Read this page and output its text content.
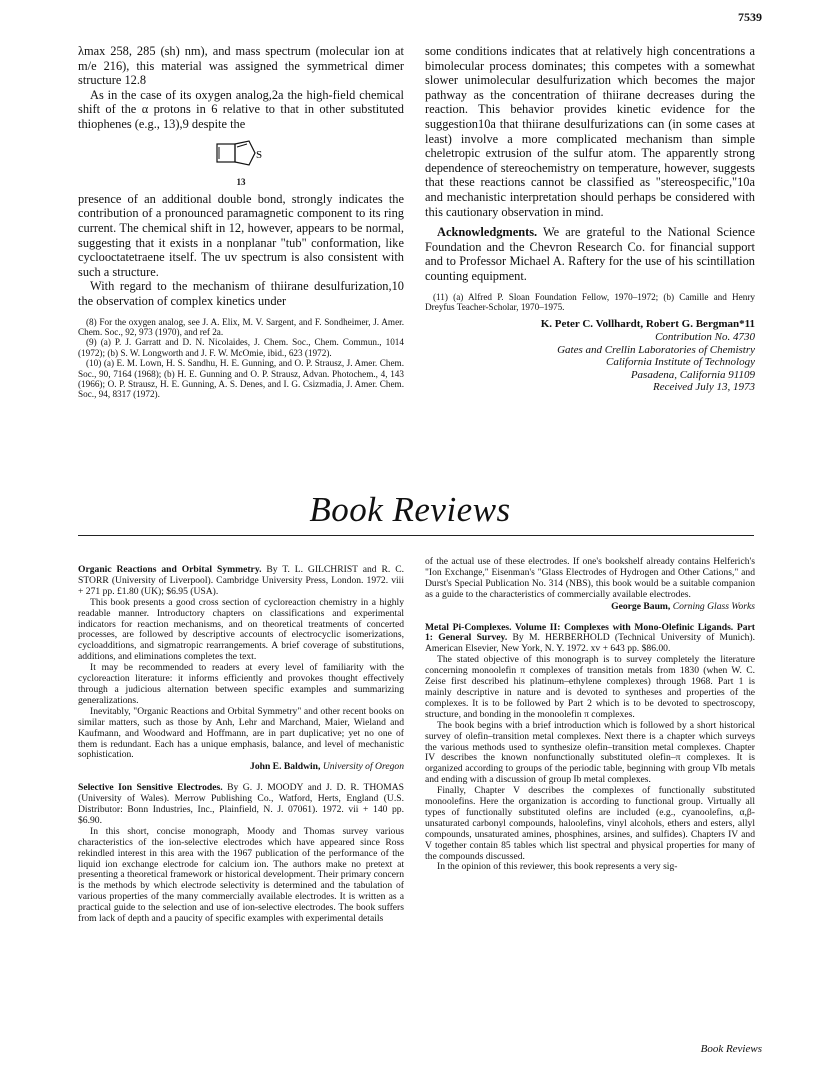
7539

λmax 258, 285 (sh) nm), and mass spectrum (molecular ion at m/e 216), this material was assigned the symmetrical dimer structure 12.8

As in the case of its oxygen analog,2a the high-field chemical shift of the α protons in 6 relative to that in other substituted thiophenes (e.g., 13),9 despite the

S
13

presence of an additional double bond, strongly indicates the contribution of a pronounced paramagnetic component to its ring current. The chemical shift in 12, however, appears to be normal, suggesting that it exists in a nonplanar "tub" conformation, like cyclooctatetraene itself. The uv spectrum is also consistent with such a structure.

With regard to the mechanism of thiirane desulfurization,10 the observation of complex kinetics under

(8) For the oxygen analog, see J. A. Elix, M. V. Sargent, and F. Sondheimer, J. Amer. Chem. Soc., 92, 973 (1970), and ref 2a.

(9) (a) P. J. Garratt and D. N. Nicolaides, J. Chem. Soc., Chem. Commun., 1014 (1972); (b) S. W. Longworth and J. F. W. McOmie, ibid., 623 (1972).

(10) (a) E. M. Lown, H. S. Sandhu, H. E. Gunning, and O. P. Strausz, J. Amer. Chem. Soc., 90, 7164 (1968); (b) H. E. Gunning and O. P. Strausz, Advan. Photochem., 4, 143 (1966); O. P. Strausz, H. E. Gunning, A. S. Denes, and I. G. Csizmadia, J. Amer. Chem. Soc., 94, 8317 (1972).

some conditions indicates that at relatively high concentrations a bimolecular process dominates; this competes with a somewhat slower unimolecular desulfurization which becomes the major pathway as the concentration of thiirane decreases during the reaction. This behavior provides kinetic evidence for the suggestion10a that thiirane desulfurizations can (in some cases at least) involve a more complicated mechanism than simple cheletropic extrusion of the sulfur atom. The apparently strong dependence of stereochemistry on temperature, however, suggests that these reactions cannot be classified as "stereospecific,"10a and mechanistic interpretation should perhaps be considered with this cautionary observation in mind.

Acknowledgments. We are grateful to the National Science Foundation and the Chevron Research Co. for financial support and to Professor Michael A. Raftery for the use of his scintillation counting equipment.

(11) (a) Alfred P. Sloan Foundation Fellow, 1970–1972; (b) Camille and Henry Dreyfus Teacher-Scholar, 1970–1975.

K. Peter C. Vollhardt, Robert G. Bergman*11
Contribution No. 4730
Gates and Crellin Laboratories of Chemistry
California Institute of Technology
Pasadena, California 91109
Received July 13, 1973
Book Reviews

Organic Reactions and Orbital Symmetry. By T. L. GILCHRIST and R. C. STORR (University of Liverpool). Cambridge University Press, London. 1972. viii + 271 pp. £1.80 (UK); $6.95 (USA).

This book presents a good cross section of cycloreaction chemistry in a highly readable manner. Introductory chapters on classifications and experimental indicators for reaction mechanisms, and on theoretical treatments of concerted processes, are followed by descriptive accounts of electrocyclic isomerizations, cycloadditions, and sigmatropic rearrangements. A brief coverage of substitutions, additions, and eliminations completes the text.

It may be recommended to readers at every level of familiarity with the cycloreaction literature: it informs efficiently and provokes thought effectively through a judicious alternation between specific examples and summarizing generalizations.

Inevitably, "Organic Reactions and Orbital Symmetry" and other recent books on similar matters, such as those by Anh, Lehr and Marchand, Maier, Wieland and Kaufmann, and Woodward and Hoffmann, are in part duplicative; yet no one of them is redundant. Each has a unique emphasis, balance, and level of mechanistic sophistication.

John E. Baldwin, University of Oregon

Selective Ion Sensitive Electrodes. By G. J. MOODY and J. D. R. THOMAS (University of Wales). Merrow Publishing Co., Watford, Herts, England (U.S. Distributor: Bonn Industries, Inc., Plainfield, N. J. 07061). 1972. vii + 140 pp. $6.90.

In this short, concise monograph, Moody and Thomas survey various characteristics of the ion-selective electrodes which have appeared since Ross rekindled interest in this area with the 1967 publication of the performance of the liquid ion exchange electrode for calcium ion. The authors make no pretext at presenting a theoretical framework or historical development. Their primary concern is the methods by which electrode selectivity is determined and the tabulation of various properties of the many commercially available electrodes. It is written as a practical guide to the selection and use of ion-selective electrodes. The book suffers from lack of depth and a paucity of specific examples with experimental details

of the actual use of these electrodes. If one's bookshelf already contains Helferich's "Ion Exchange," Eisenman's "Glass Electrodes of Hydrogen and Other Cations," and Durst's Special Publication No. 314 (NBS), this book would be a suitable companion as a guide to the characteristics of commercially available electrodes.

George Baum, Corning Glass Works

Metal Pi-Complexes. Volume II: Complexes with Mono-Olefinic Ligands. Part 1: General Survey. By M. HERBERHOLD (Technical University of Munich). American Elsevier, New York, N. Y. 1972. xv + 643 pp. $86.00.

The stated objective of this monograph is to survey completely the literature concerning monoolefin π complexes of transition metals from 1830 (when W. C. Zeise first described his platinum–ethylene complexes) through 1968. Part 1 is mainly descriptive in nature and is devoted to syntheses and properties of the complexes. It is to be followed by Part 2 which is to be devoted to spectroscopy, structure, and bonding in the monoolefin π complexes.

The book begins with a brief introduction which is followed by a short historical survey of olefin–transition metal complexes. Next there is a chapter which surveys the various methods used to synthesize olefin–transition metal complexes. Chapter IV describes the known nonfunctionally substituted olefin–π complexes. It is organized according to groups of the periodic table, beginning with group VIb metals and ending with a discussion of group Ib metal complexes.

Finally, Chapter V describes the complexes of functionally substituted monoolefins. Here the organization is according to functional group. Virtually all types of functionally substituted olefins are included (e.g., cyanoolefins, α,β-unsaturated carbonyl compounds, haloolefins, vinyl alcohols, ethers and esters, allyl compounds, unsaturated amines, phosphines, arsines, and sulfides). Chapters IV and V together contain 85 tables which list spectral and physical properties for many of the compounds discussed.

In the opinion of this reviewer, this book represents a very sig-

Book Reviews
